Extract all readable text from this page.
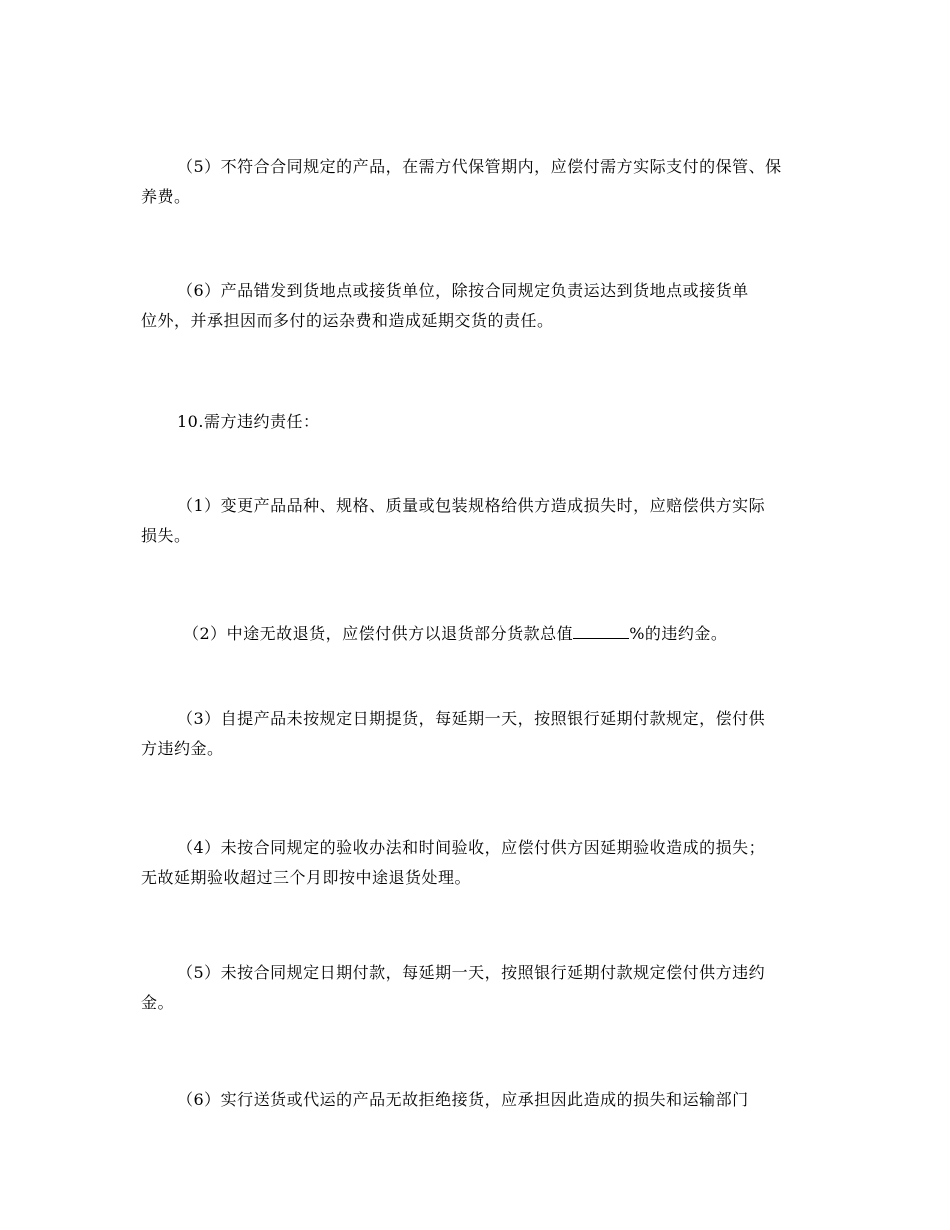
（5）不符合合同规定的产品，在需方代保管期内，应偿付需方实际支付的保管、保
养费。

（6）产品错发到货地点或接货单位，除按合同规定负责运达到货地点或接货单
位外，并承担因而多付的运杂费和造成延期交货的责任。

10.需方违约责任：

（1）变更产品品种、规格、质量或包装规格给供方造成损失时，应赔偿供方实际
损失。

（2）中途无故退货，应偿付供方以退货部分货款总值	%的违约金。

（3）自提产品未按规定日期提货，每延期一天，按照银行延期付款规定，偿付供
方违约金。

（4）未按合同规定的验收办法和时间验收，应偿付供方因延期验收造成的损失；
无故延期验收超过三个月即按中途退货处理。

（5）未按合同规定日期付款，每延期一天，按照银行延期付款规定偿付供方违约
金。

（6）实行送货或代运的产品无故拒绝接货，应承担因此造成的损失和运输部门
